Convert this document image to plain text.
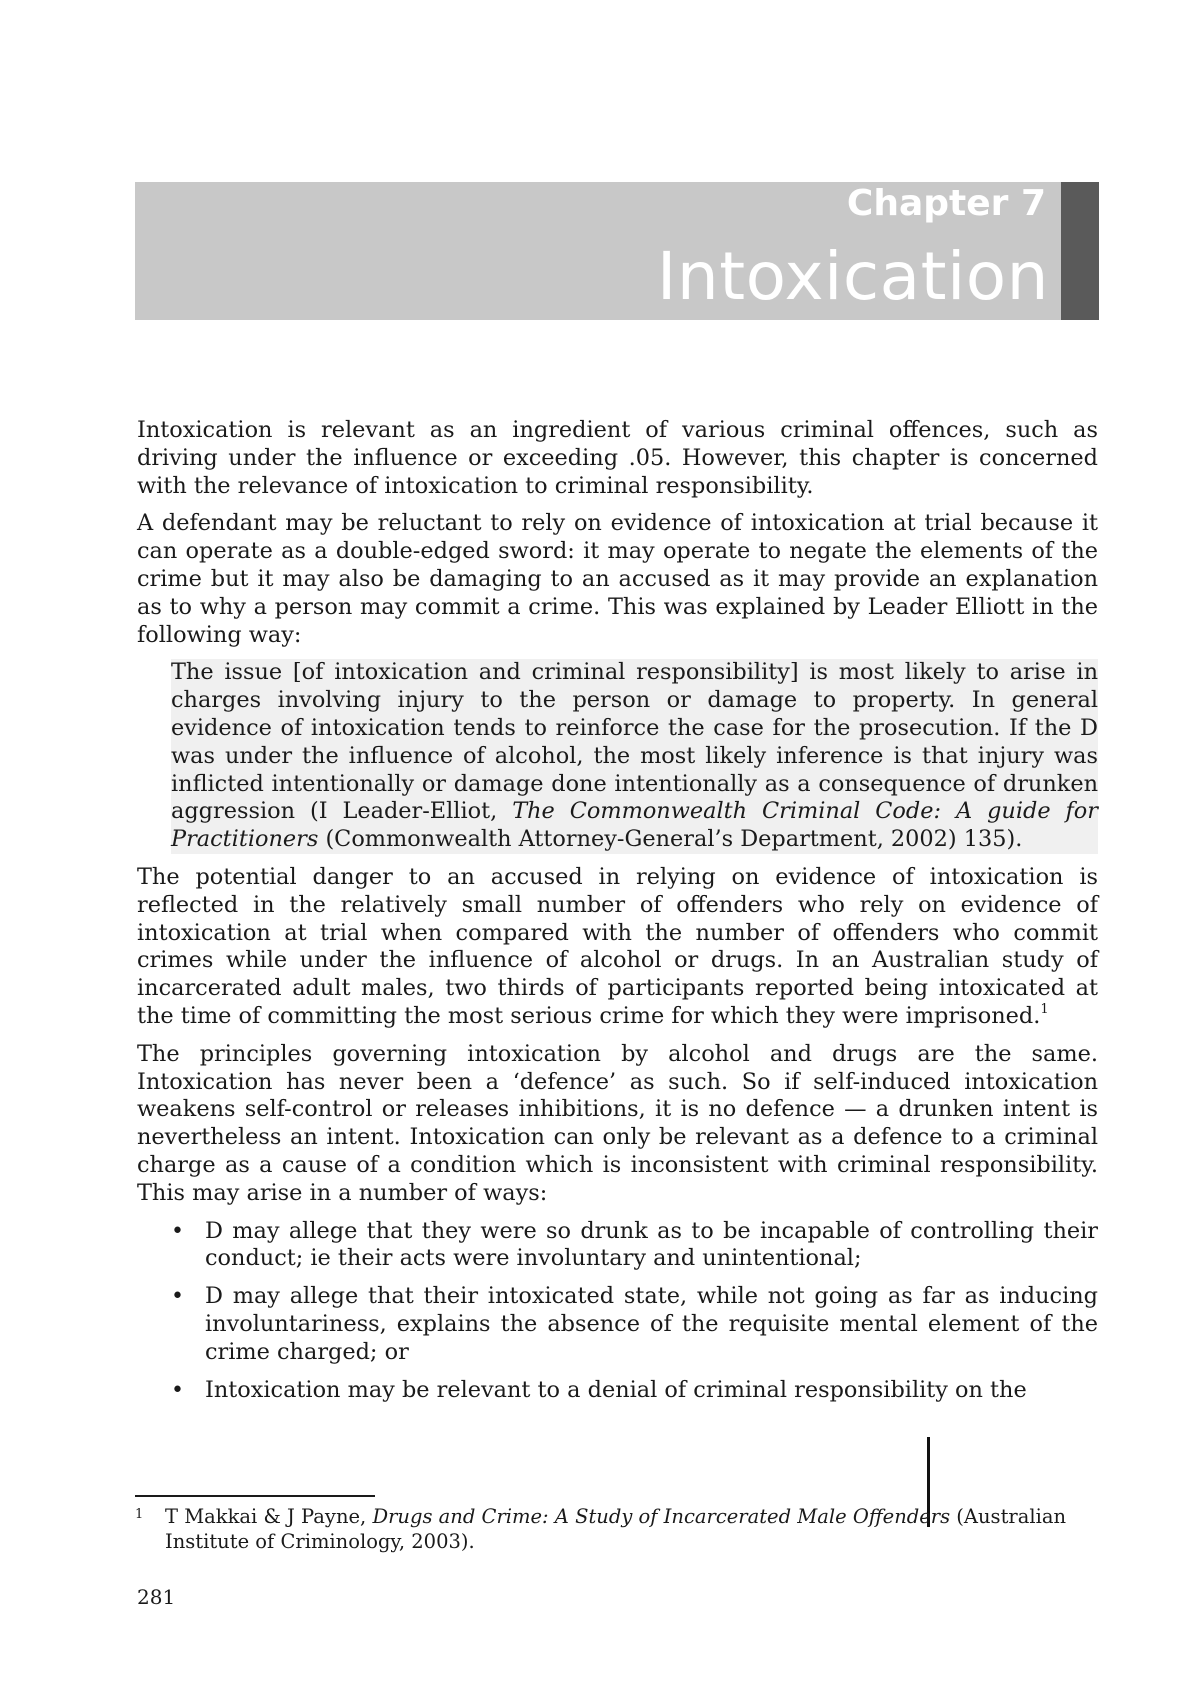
Chapter 7
Intoxication

Intoxication is relevant as an ingredient of various criminal offences, such as driving under the influence or exceeding .05. However, this chapter is concerned with the relevance of intoxication to criminal responsibility.

A defendant may be reluctant to rely on evidence of intoxication at trial because it can operate as a double-edged sword: it may operate to negate the elements of the crime but it may also be damaging to an accused as it may provide an explanation as to why a person may commit a crime. This was explained by Leader Elliott in the following way:

The issue [of intoxication and criminal responsibility] is most likely to arise in charges involving injury to the person or damage to property. In general evidence of intoxication tends to reinforce the case for the prosecution. If the D was under the influence of alcohol, the most likely inference is that injury was inflicted intentionally or damage done intentionally as a consequence of drunken aggression (I Leader-Elliot, The Commonwealth Criminal Code: A guide for Practitioners (Commonwealth Attorney-General’s Department, 2002) 135).

The potential danger to an accused in relying on evidence of intoxication is reflected in the relatively small number of offenders who rely on evidence of intoxication at trial when compared with the number of offenders who commit crimes while under the influence of alcohol or drugs. In an Australian study of incarcerated adult males, two thirds of participants reported being intoxicated at the time of committing the most serious crime for which they were imprisoned.$^1$

The principles governing intoxication by alcohol and drugs are the same. Intoxication has never been a ‘defence’ as such. So if self-induced intoxication weakens self-control or releases inhibitions, it is no defence — a drunken intent is nevertheless an intent. Intoxication can only be relevant as a defence to a criminal charge as a cause of a condition which is inconsistent with criminal responsibility. This may arise in a number of ways:

• D may allege that they were so drunk as to be incapable of controlling their conduct; ie their acts were involuntary and unintentional;
• D may allege that their intoxicated state, while not going as far as inducing involuntariness, explains the absence of the requisite mental element of the crime charged; or
• Intoxication may be relevant to a denial of criminal responsibility on the
1	T Makkai & J Payne, Drugs and Crime: A Study of Incarcerated Male Offenders (Australian Institute of Criminology, 2003).
281
